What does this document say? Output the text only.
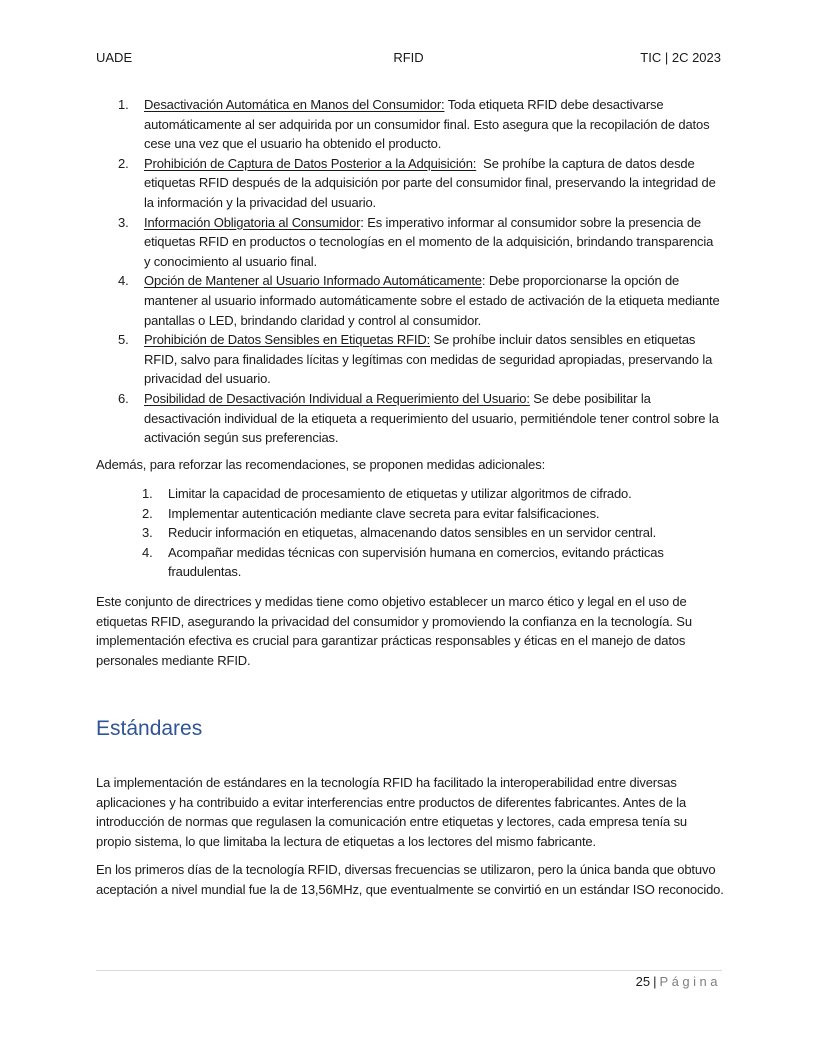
UADE	RFID	TIC | 2C 2023
1. Desactivación Automática en Manos del Consumidor: Toda etiqueta RFID debe desactivarse automáticamente al ser adquirida por un consumidor final. Esto asegura que la recopilación de datos cese una vez que el usuario ha obtenido el producto.
2. Prohibición de Captura de Datos Posterior a la Adquisición:  Se prohíbe la captura de datos desde etiquetas RFID después de la adquisición por parte del consumidor final, preservando la integridad de la información y la privacidad del usuario.
3. Información Obligatoria al Consumidor: Es imperativo informar al consumidor sobre la presencia de etiquetas RFID en productos o tecnologías en el momento de la adquisición, brindando transparencia y conocimiento al usuario final.
4. Opción de Mantener al Usuario Informado Automáticamente: Debe proporcionarse la opción de mantener al usuario informado automáticamente sobre el estado de activación de la etiqueta mediante pantallas o LED, brindando claridad y control al consumidor.
5. Prohibición de Datos Sensibles en Etiquetas RFID: Se prohíbe incluir datos sensibles en etiquetas RFID, salvo para finalidades lícitas y legítimas con medidas de seguridad apropiadas, preservando la privacidad del usuario.
6. Posibilidad de Desactivación Individual a Requerimiento del Usuario: Se debe posibilitar la desactivación individual de la etiqueta a requerimiento del usuario, permitiéndole tener control sobre la activación según sus preferencias.

Además, para reforzar las recomendaciones, se proponen medidas adicionales:

1. Limitar la capacidad de procesamiento de etiquetas y utilizar algoritmos de cifrado.
2. Implementar autenticación mediante clave secreta para evitar falsificaciones.
3. Reducir información en etiquetas, almacenando datos sensibles en un servidor central.
4. Acompañar medidas técnicas con supervisión humana en comercios, evitando prácticas fraudulentas.

Este conjunto de directrices y medidas tiene como objetivo establecer un marco ético y legal en el uso de etiquetas RFID, asegurando la privacidad del consumidor y promoviendo la confianza en la tecnología. Su implementación efectiva es crucial para garantizar prácticas responsables y éticas en el manejo de datos personales mediante RFID.

Estándares

La implementación de estándares en la tecnología RFID ha facilitado la interoperabilidad entre diversas aplicaciones y ha contribuido a evitar interferencias entre productos de diferentes fabricantes. Antes de la introducción de normas que regulasen la comunicación entre etiquetas y lectores, cada empresa tenía su propio sistema, lo que limitaba la lectura de etiquetas a los lectores del mismo fabricante.

En los primeros días de la tecnología RFID, diversas frecuencias se utilizaron, pero la única banda que obtuvo aceptación a nivel mundial fue la de 13,56MHz, que eventualmente se convirtió en un estándar ISO reconocido.

25 | Página
